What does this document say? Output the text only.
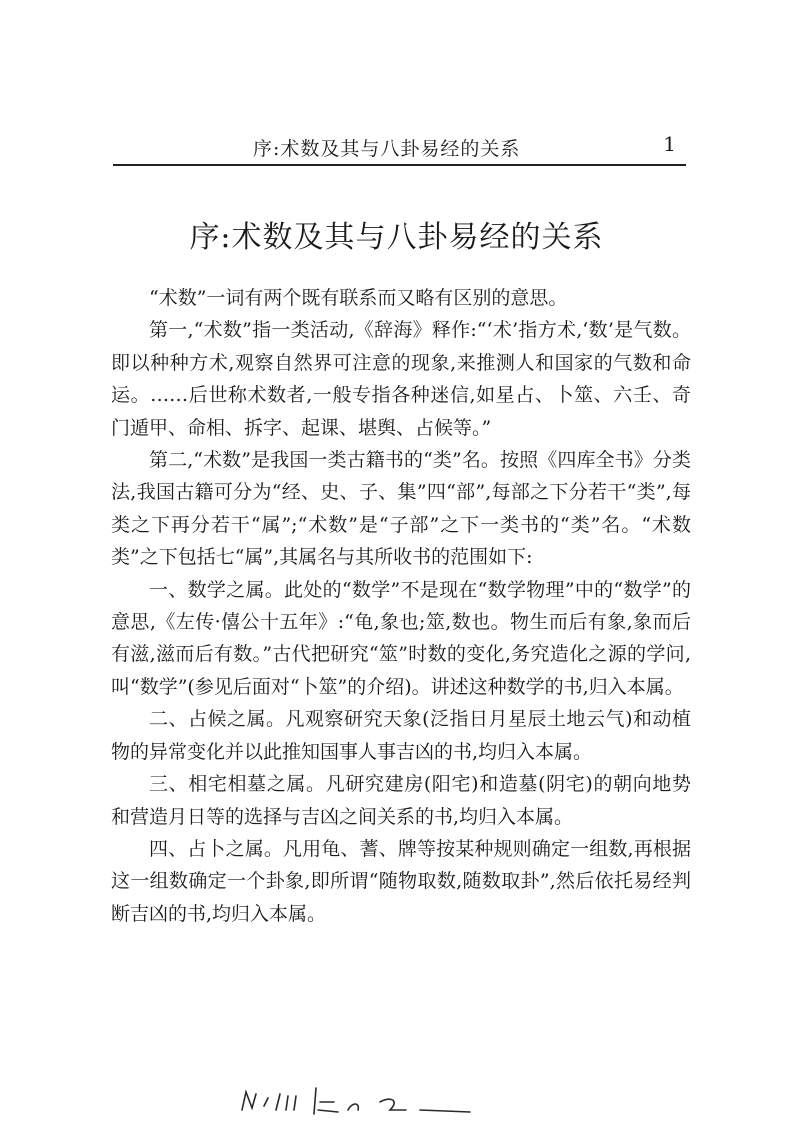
序:术数及其与八卦易经的关系	1
序:术数及其与八卦易经的关系

“术数”一词有两个既有联系而又略有区别的意思。

第一,“术数”指一类活动,《辞海》释作:“‘术’指方术,‘数’是气数。即以种种方术,观察自然界可注意的现象,来推测人和国家的气数和命运。……后世称术数者,一般专指各种迷信,如星占、卜筮、六壬、奇门遁甲、命相、拆字、起课、堪舆、占候等。”

第二,“术数”是我国一类古籍书的“类”名。按照《四库全书》分类法,我国古籍可分为“经、史、子、集”四“部”,每部之下分若干“类”,每类之下再分若干“属”;“术数”是“子部”之下一类书的“类”名。“术数类”之下包括七“属”,其属名与其所收书的范围如下:

一、数学之属。此处的“数学”不是现在“数学物理”中的“数学”的意思,《左传·僖公十五年》:“龟,象也;筮,数也。物生而后有象,象而后有滋,滋而后有数。”古代把研究“筮”时数的变化,务究造化之源的学问,叫“数学”(参见后面对“卜筮”的介绍)。讲述这种数学的书,归入本属。

二、占候之属。凡观察研究天象(泛指日月星辰土地云气)和动植物的异常变化并以此推知国事人事吉凶的书,均归入本属。

三、相宅相墓之属。凡研究建房(阳宅)和造墓(阴宅)的朝向地势和营造月日等的选择与吉凶之间关系的书,均归入本属。

四、占卜之属。凡用龟、蓍、牌等按某种规则确定一组数,再根据这一组数确定一个卦象,即所谓“随物取数,随数取卦”,然后依托易经判断吉凶的书,均归入本属。
